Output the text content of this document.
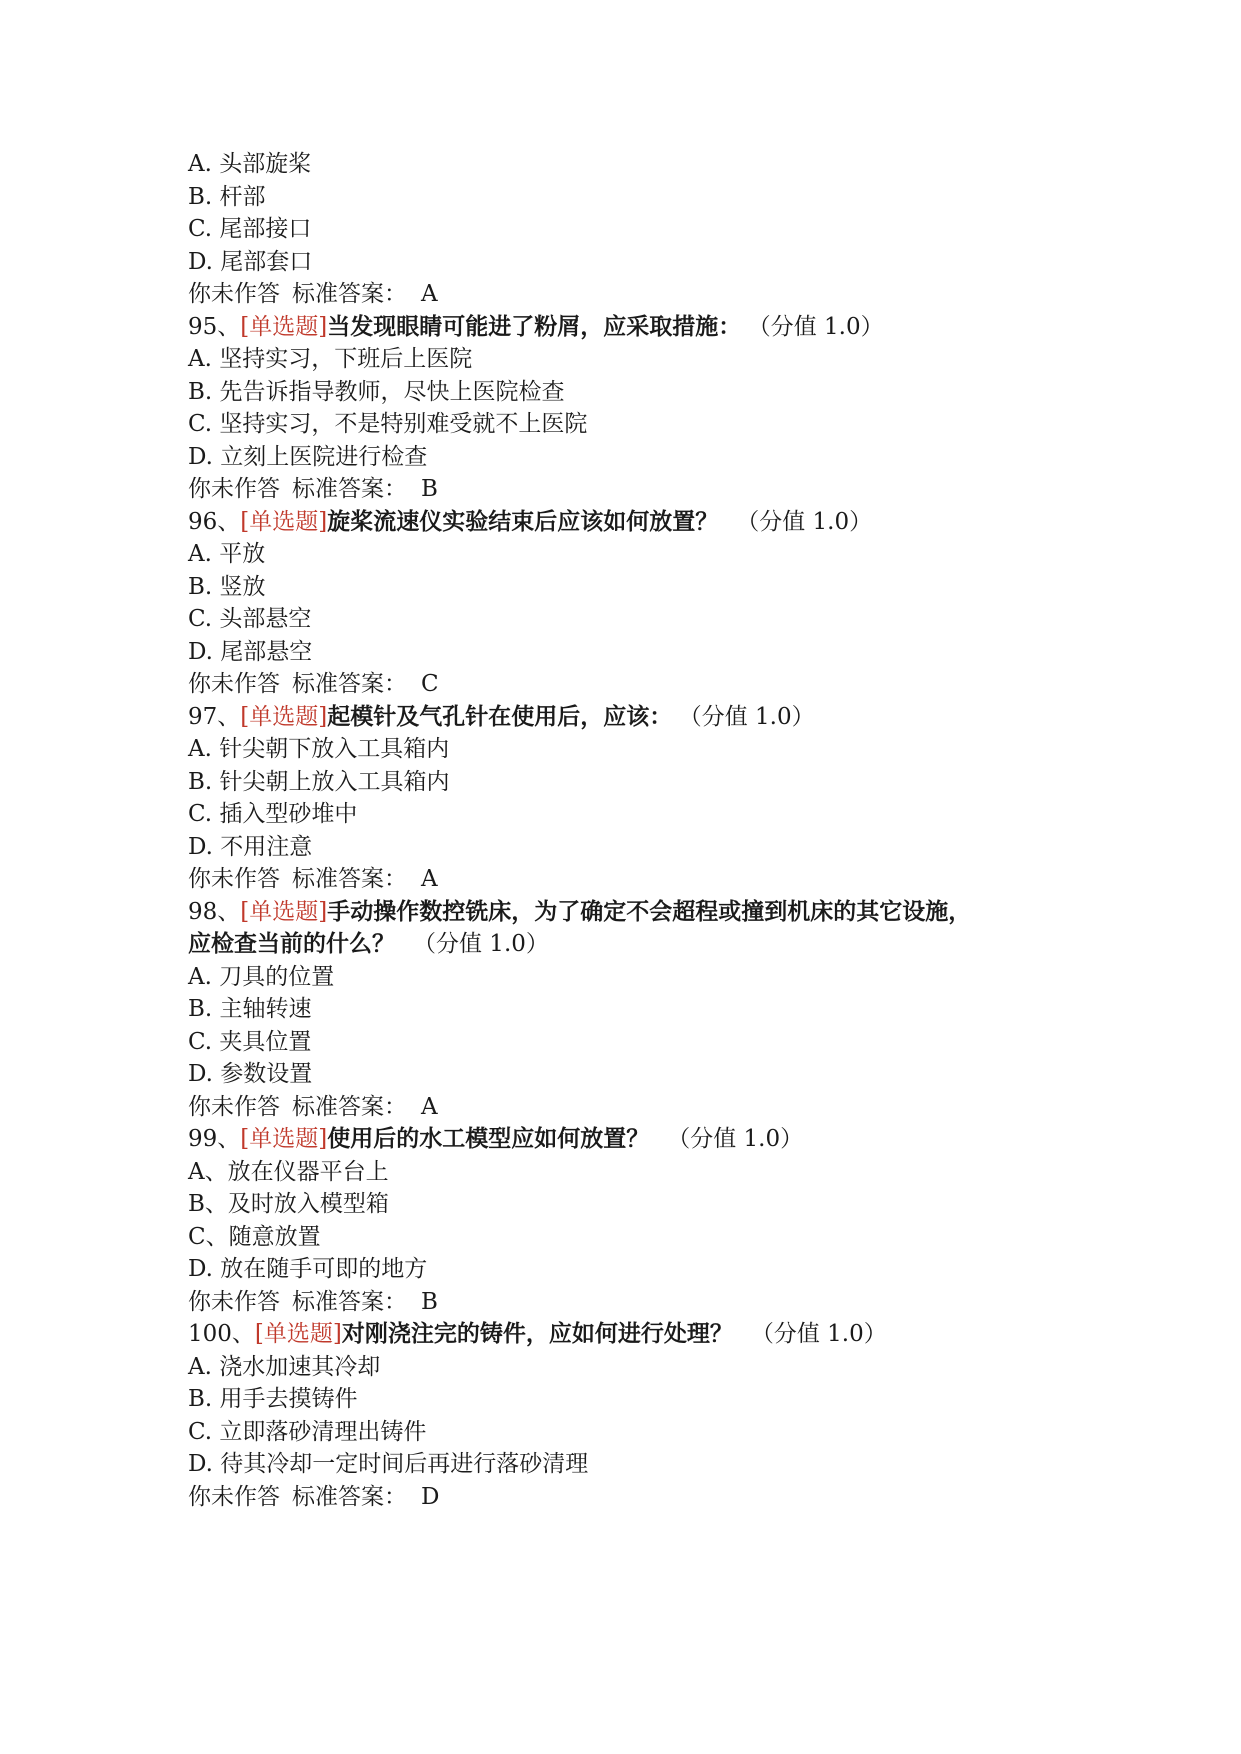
A. 头部旋桨
B. 杆部
C. 尾部接口
D. 尾部套口
你未作答 标准答案： A
95、[单选题]当发现眼睛可能进了粉屑，应采取措施： （分值 1.0）
A. 坚持实习，下班后上医院
B. 先告诉指导教师，尽快上医院检查
C. 坚持实习，不是特别难受就不上医院
D. 立刻上医院进行检查
你未作答 标准答案： B
96、[单选题]旋桨流速仪实验结束后应该如何放置？ （分值 1.0）
A. 平放
B. 竖放
C. 头部悬空
D. 尾部悬空
你未作答 标准答案： C
97、[单选题]起模针及气孔针在使用后，应该： （分值 1.0）
A. 针尖朝下放入工具箱内
B. 针尖朝上放入工具箱内
C. 插入型砂堆中
D. 不用注意
你未作答 标准答案： A
98、[单选题]手动操作数控铣床，为了确定不会超程或撞到机床的其它设施，
应检查当前的什么？ （分值 1.0）
A. 刀具的位置
B. 主轴转速
C. 夹具位置
D. 参数设置
你未作答 标准答案： A
99、[单选题]使用后的水工模型应如何放置？ （分值 1.0）
A、放在仪器平台上
B、及时放入模型箱
C、随意放置
D. 放在随手可即的地方
你未作答 标准答案： B
100、[单选题]对刚浇注完的铸件，应如何进行处理？ （分值 1.0）
A. 浇水加速其冷却
B. 用手去摸铸件
C. 立即落砂清理出铸件
D. 待其冷却一定时间后再进行落砂清理
你未作答 标准答案： D
